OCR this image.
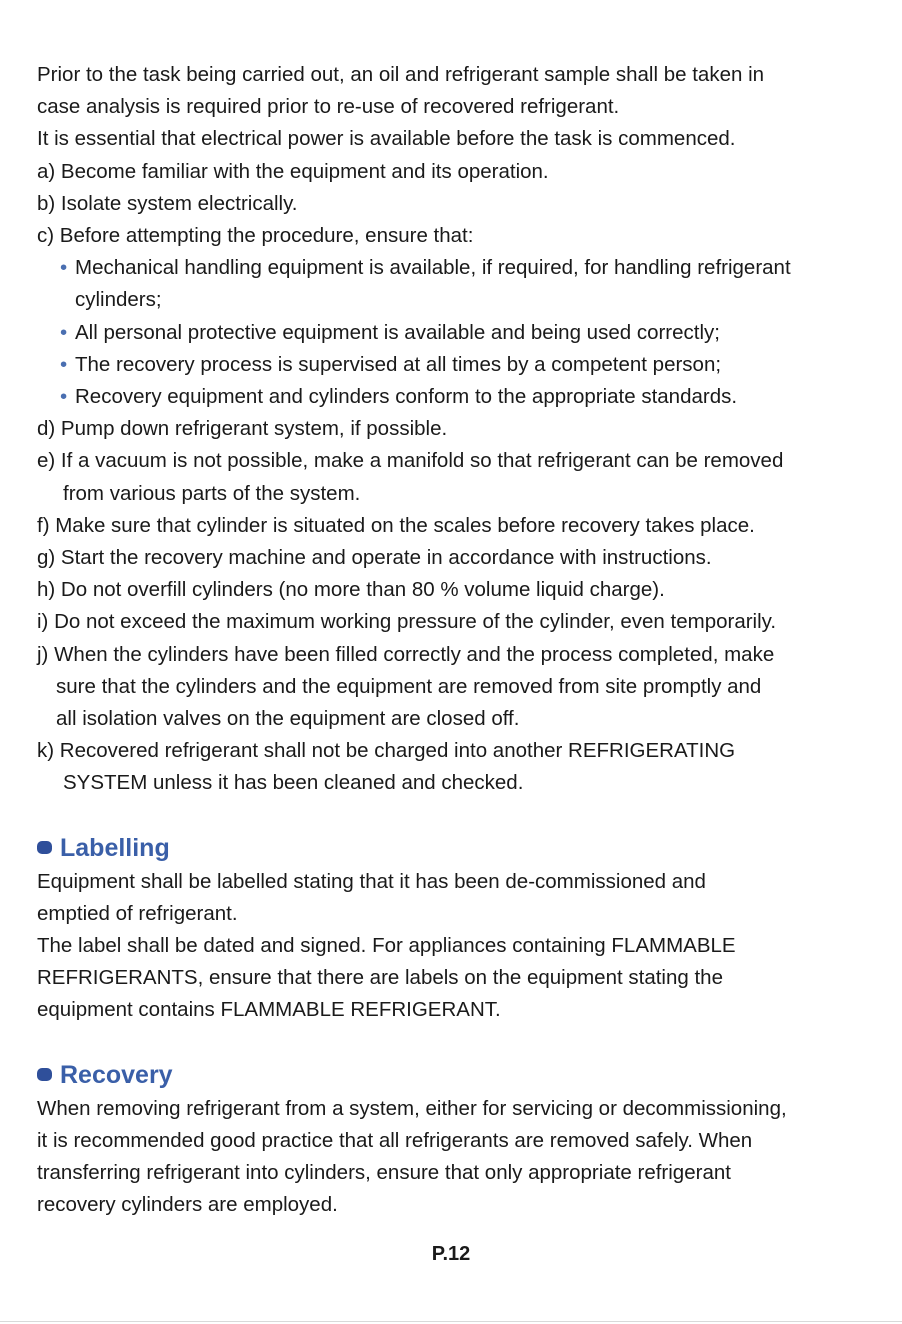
Prior to the task being carried out, an oil and refrigerant sample shall be taken in
case analysis is required prior to re-use of recovered refrigerant.
It is essential that electrical power is available before the task is commenced.
a) Become familiar with the equipment and its operation.
b) Isolate system electrically.
c) Before attempting the procedure, ensure that:
• Mechanical handling equipment is available, if required, for handling refrigerant
cylinders;
• All personal protective equipment is available and being used correctly;
• The recovery process is supervised at all times by a competent person;
• Recovery equipment and cylinders conform to the appropriate standards.
d) Pump down refrigerant system, if possible.
e) If a vacuum is not possible, make a manifold so that refrigerant can be removed
from various parts of the system.
f) Make sure that cylinder is situated on the scales before recovery takes place.
g) Start the recovery machine and operate in accordance with instructions.
h) Do not overfill cylinders (no more than 80 % volume liquid charge).
i) Do not exceed the maximum working pressure of the cylinder, even temporarily.
j) When the cylinders have been filled correctly and the process completed, make
sure that the cylinders and the equipment are removed from site promptly and
all isolation valves on the equipment are closed off.
k) Recovered refrigerant shall not be charged into another REFRIGERATING
SYSTEM unless it has been cleaned and checked.
Labelling
Equipment shall be labelled stating that it has been de-commissioned and
emptied of refrigerant.
The label shall be dated and signed. For appliances containing FLAMMABLE
REFRIGERANTS, ensure that there are labels on the equipment stating the
equipment contains FLAMMABLE REFRIGERANT.
Recovery
When removing refrigerant from a system, either for servicing or decommissioning,
it is recommended good practice that all refrigerants are removed safely. When
transferring refrigerant into cylinders, ensure that only appropriate refrigerant
recovery cylinders are employed.
P.12
